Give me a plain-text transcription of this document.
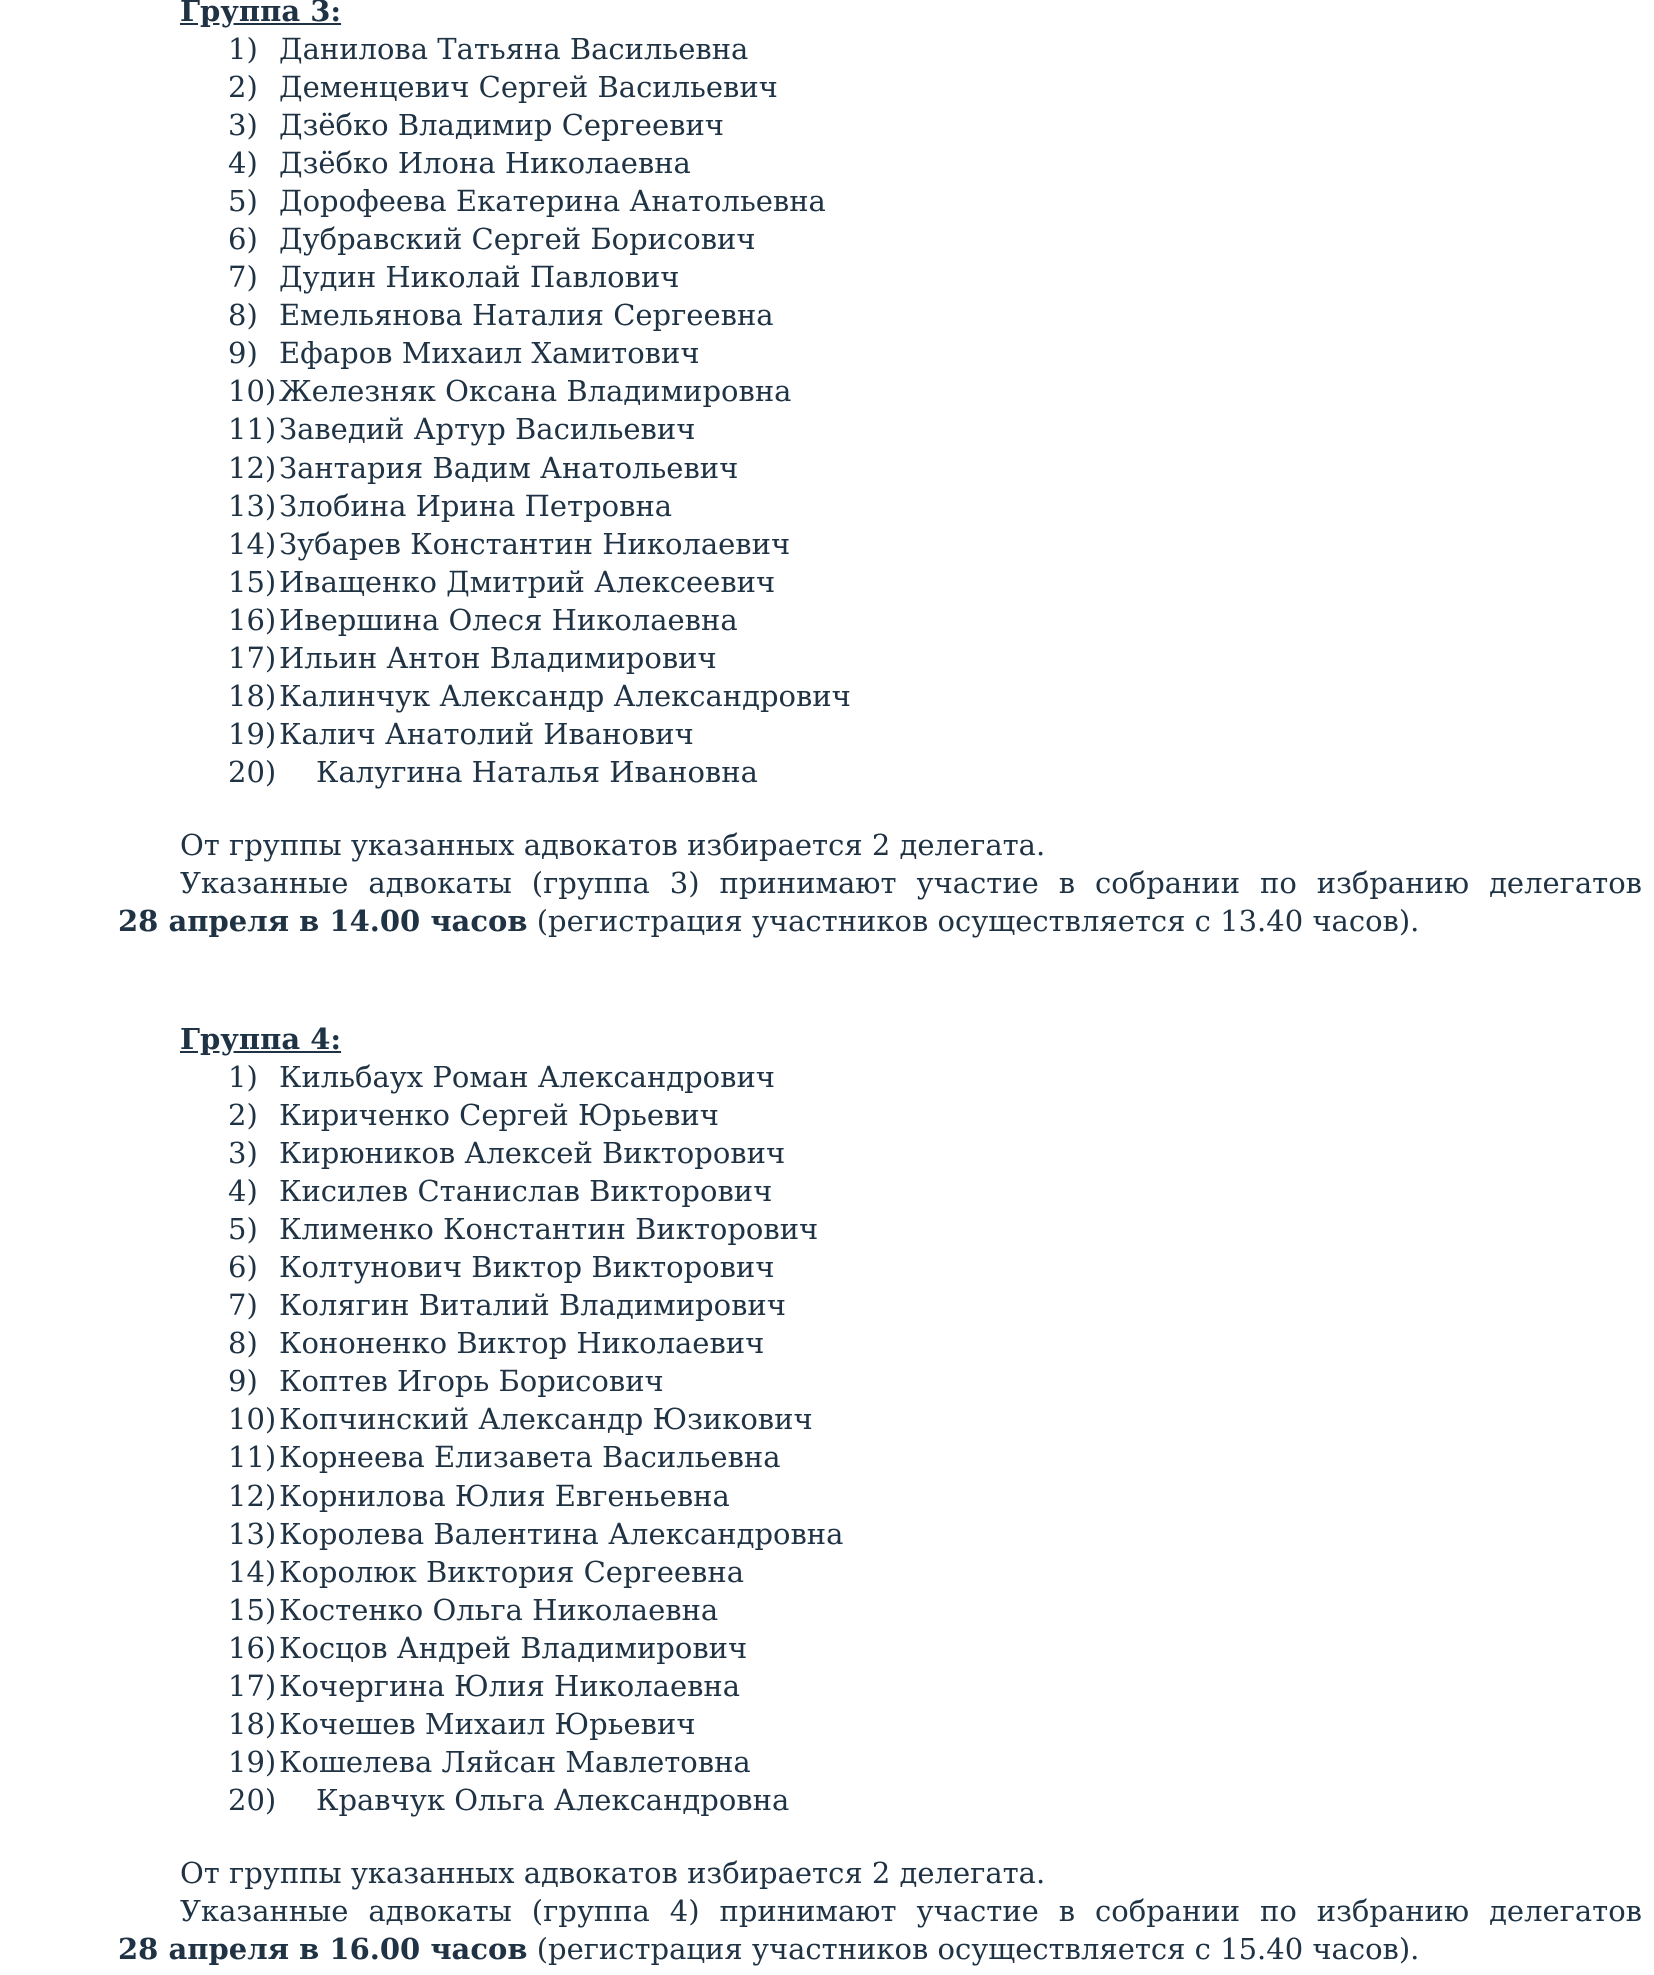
Группа 3:
1) Данилова Татьяна Васильевна
2) Деменцевич Сергей Васильевич
3) Дзёбко Владимир Сергеевич
4) Дзёбко Илона Николаевна
5) Дорофеева Екатерина Анатольевна
6) Дубравский Сергей Борисович
7) Дудин Николай Павлович
8) Емельянова Наталия Сергеевна
9) Ефаров Михаил Хамитович
10) Железняк Оксана Владимировна
11) Заведий Артур Васильевич
12) Зантария Вадим Анатольевич
13) Злобина Ирина Петровна
14) Зубарев Константин Николаевич
15) Иващенко Дмитрий Алексеевич
16) Ивершина Олеся Николаевна
17) Ильин Антон Владимирович
18) Калинчук Александр Александрович
19) Калич Анатолий Иванович
20) Калугина Наталья Ивановна
От группы указанных адвокатов избирается 2 делегата.
Указанные адвокаты (группа 3) принимают участие в собрании по избранию делегатов
28 апреля в 14.00 часов (регистрация участников осуществляется с 13.40 часов).
Группа 4:
1) Кильбаух Роман Александрович
2) Кириченко Сергей Юрьевич
3) Кирюников Алексей Викторович
4) Кисилев Станислав Викторович
5) Клименко Константин Викторович
6) Колтунович Виктор Викторович
7) Колягин Виталий Владимирович
8) Кононенко Виктор Николаевич
9) Коптев Игорь Борисович
10) Копчинский Александр Юзикович
11) Корнеева Елизавета Васильевна
12) Корнилова Юлия Евгеньевна
13) Королева Валентина Александровна
14) Королюк Виктория Сергеевна
15) Костенко Ольга Николаевна
16) Косцов Андрей Владимирович
17) Кочергина Юлия Николаевна
18) Кочешев Михаил Юрьевич
19) Кошелева Ляйсан Мавлетовна
20) Кравчук Ольга Александровна
От группы указанных адвокатов избирается 2 делегата.
Указанные адвокаты (группа 4) принимают участие в собрании по избранию делегатов
28 апреля в 16.00 часов (регистрация участников осуществляется с 15.40 часов).
